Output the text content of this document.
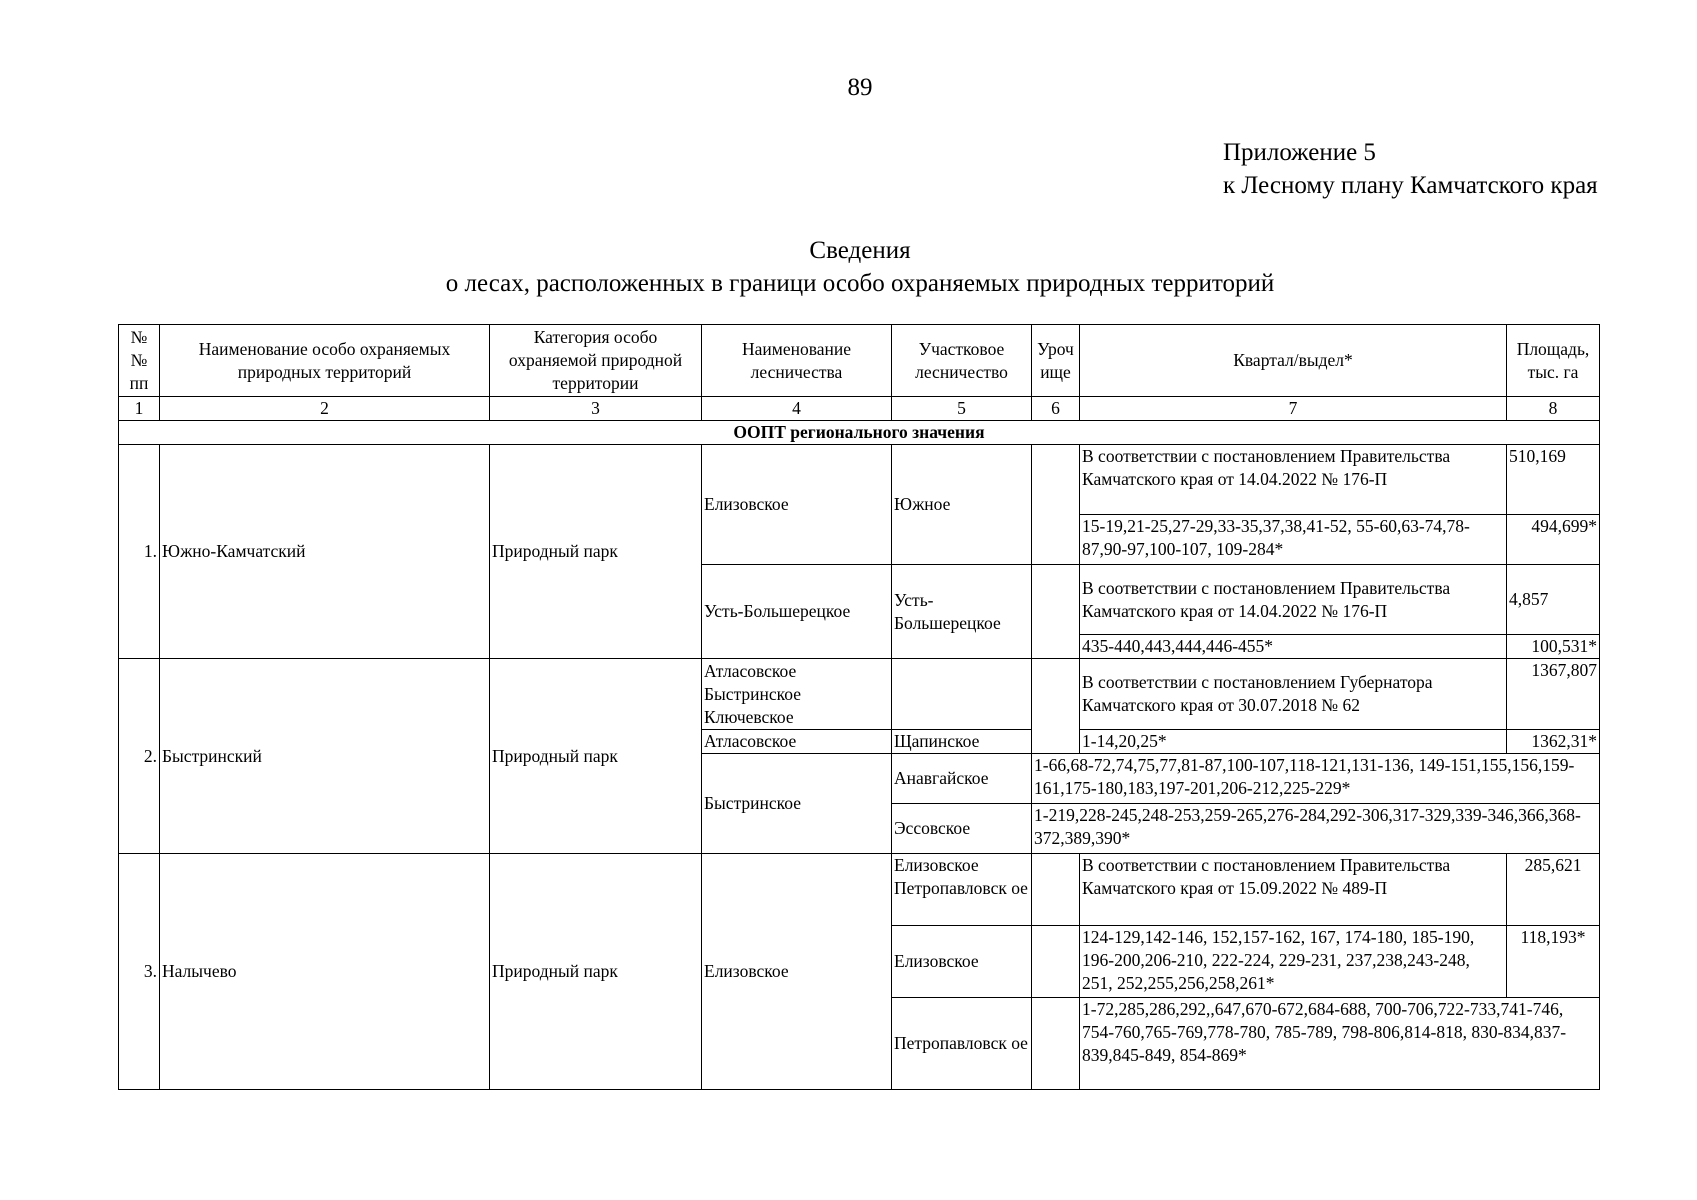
89
Приложение 5
к Лесному плану Камчатского края
Сведения
о лесах, расположенных в граници особо охраняемых природных территорий
№ № пп	Наименование особо охраняемых природных территорий	Категория особо охраняемой природной территории	Наименование лесничества	Участковое лесничество	Уроч ище	Квартал/выдел*	Площадь, тыс. га
1	2	3	4	5	6	7	8
ООПТ регионального значения							
1.	Южно-Камчатский	Природный парк	Елизовское	Южное		В соответствии с постановлением Правительства Камчатского края от 14.04.2022 № 176-П	510,169
						15-19,21-25,27-29,33-35,37,38,41-52, 55-60,63-74,78-87,90-97,100-107, 109-284*	494,699*
			Усть-Большерецкое	Усть-Большерецкое		В соответствии с постановлением Правительства Камчатского края от 14.04.2022 № 176-П	4,857
						435-440,443,444,446-455*	100,531*
2.	Быстринский	Природный парк	Атласовское Быстринское Ключевское			В соответствии с постановлением Губернатора Камчатского края от 30.07.2018 № 62	1367,807
			Атласовское	Щапинское		1-14,20,25*	1362,31*
			Быстринское	Анавгайское	1-66,68-72,74,75,77,81-87,100-107,118-121,131-136, 149-151,155,156,159-161,175-180,183,197-201,206-212,225-229*		
				Эссовское	1-219,228-245,248-253,259-265,276-284,292-306,317-329,339-346,366,368-372,389,390*		
3.	Налычево	Природный парк	Елизовское	Елизовское Петропавловск ое		В соответствии с постановлением Правительства Камчатского края от 15.09.2022 № 489-П	285,621
				Елизовское		124-129,142-146, 152,157-162, 167, 174-180, 185-190, 196-200,206-210, 222-224, 229-231, 237,238,243-248, 251, 252,255,256,258,261*	118,193*
				Петропавловск ое		1-72,285,286,292,,647,670-672,684-688, 700-706,722-733,741-746, 754-760,765-769,778-780, 785-789, 798-806,814-818, 830-834,837-839,845-849, 854-869*	
